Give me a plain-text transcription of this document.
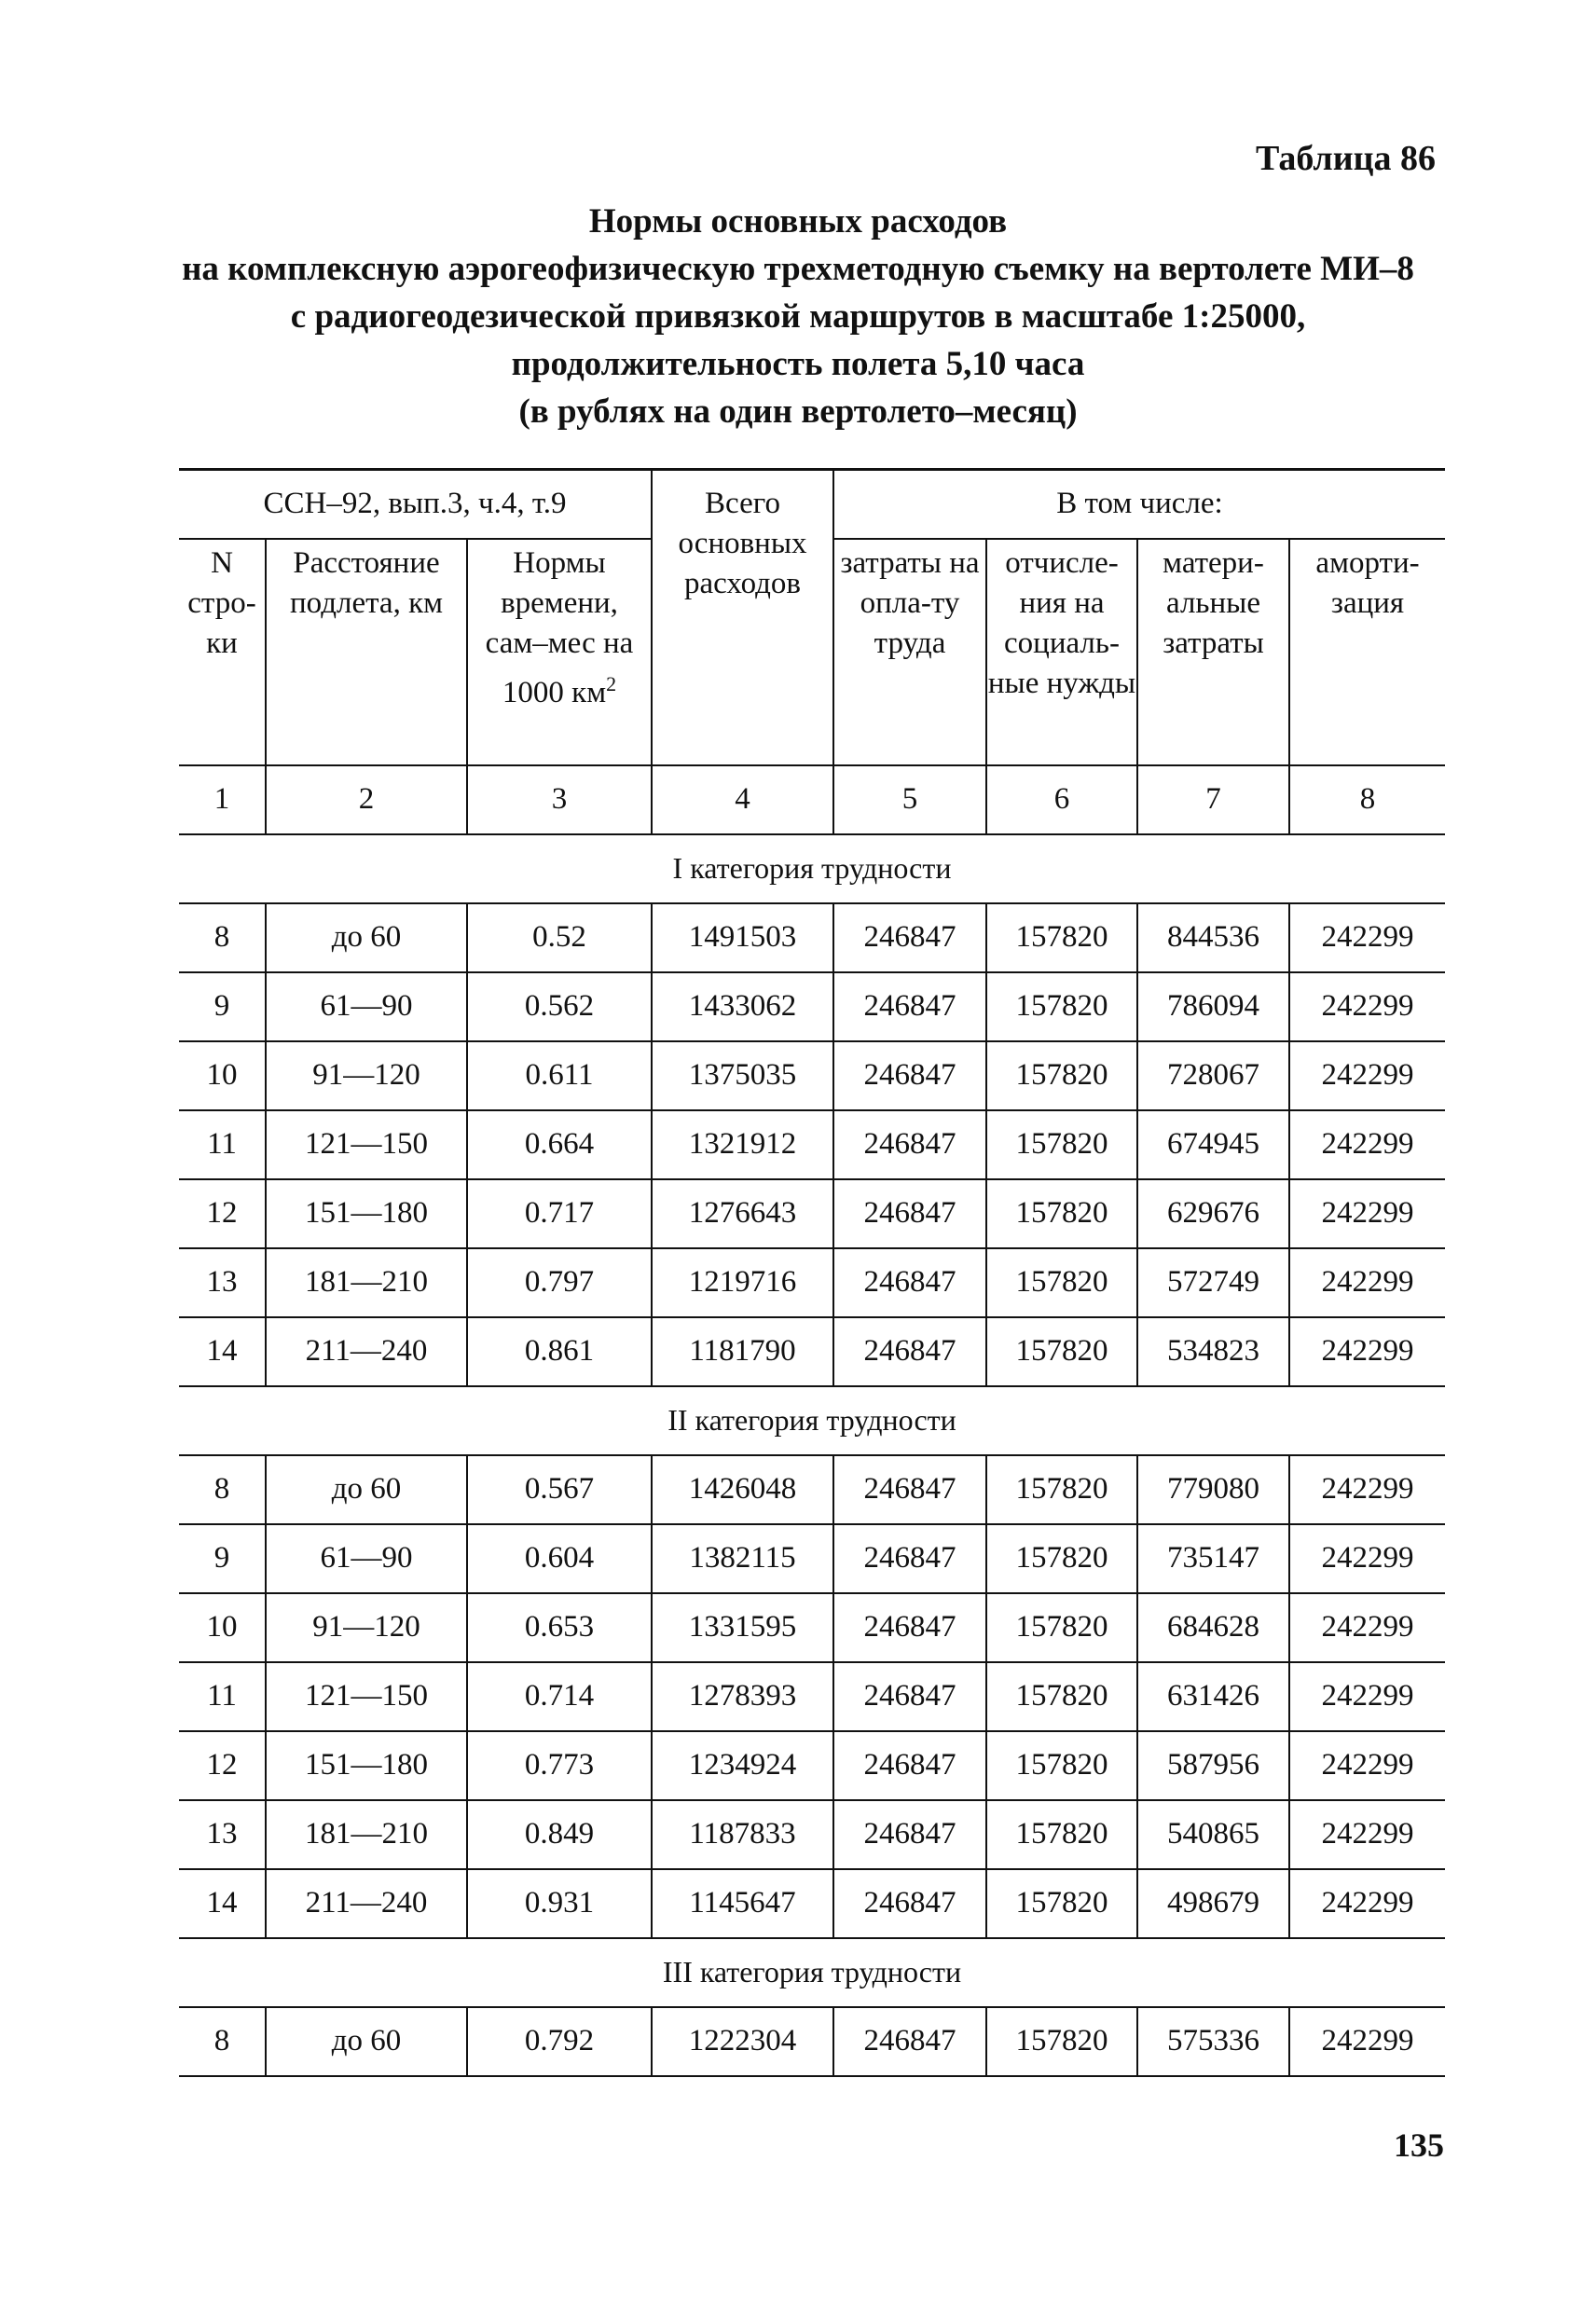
Таблица 86
Нормы основных расходов
на комплексную аэрогеофизическую трехметодную съемку на вертолете МИ–8
с радиогеодезической привязкой маршрутов в масштабе 1:25000,
продолжительность полета 5,10 часа
(в рублях на один вертолето–месяц)
ССН–92, вып.3, ч.4, т.9			Всего основных расходов	В том числе:			
N стро-ки	Расстояние подлета, км	Нормы времени, сам–мес на 1000 $км^2$		затраты на опла-ту труда	отчисле-ния на социаль-ные нужды	матери-альные затраты	аморти-зация
1	2	3	4	5	6	7	8
I категория трудности							
8	до 60	0.52	1491503	246847	157820	844536	242299
9	61—90	0.562	1433062	246847	157820	786094	242299
10	91—120	0.611	1375035	246847	157820	728067	242299
11	121—150	0.664	1321912	246847	157820	674945	242299
12	151—180	0.717	1276643	246847	157820	629676	242299
13	181—210	0.797	1219716	246847	157820	572749	242299
14	211—240	0.861	1181790	246847	157820	534823	242299
II категория трудности							
8	до 60	0.567	1426048	246847	157820	779080	242299
9	61—90	0.604	1382115	246847	157820	735147	242299
10	91—120	0.653	1331595	246847	157820	684628	242299
11	121—150	0.714	1278393	246847	157820	631426	242299
12	151—180	0.773	1234924	246847	157820	587956	242299
13	181—210	0.849	1187833	246847	157820	540865	242299
14	211—240	0.931	1145647	246847	157820	498679	242299
III категория трудности							
8	до 60	0.792	1222304	246847	157820	575336	242299
135
